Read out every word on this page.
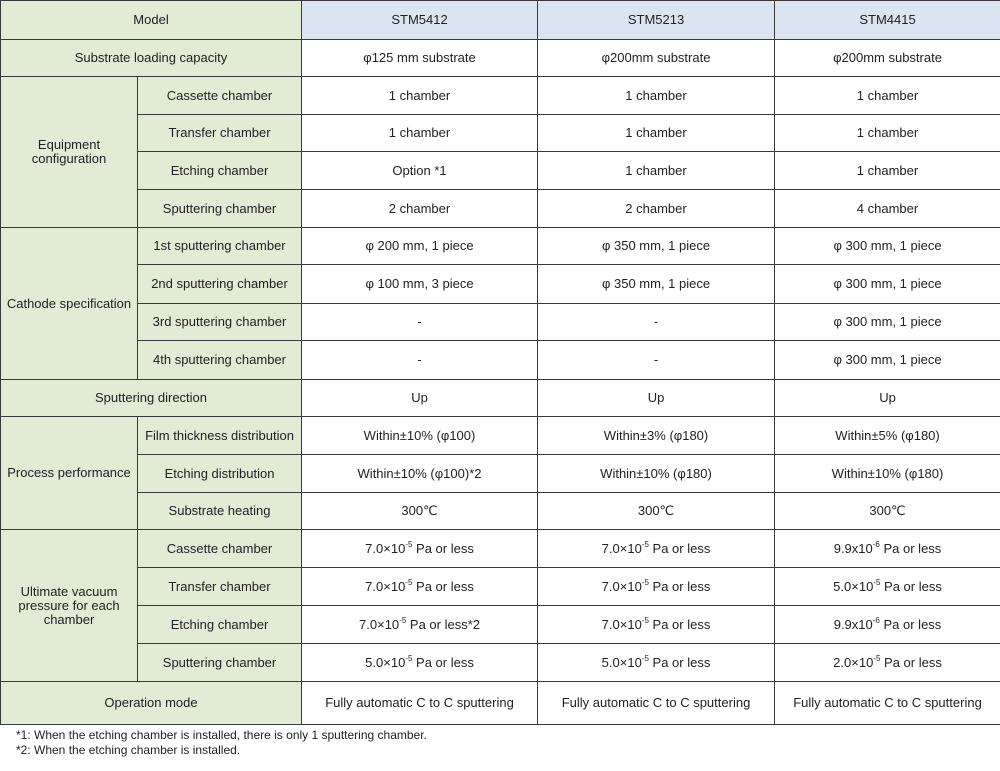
Model		STM5412	STM5213	STM4415
Substrate loading capacity		φ125 mm substrate	φ200mm substrate	φ200mm substrate
Equipment configuration	Cassette chamber	1 chamber	1 chamber	1 chamber
	Transfer chamber	1 chamber	1 chamber	1 chamber
	Etching chamber	Option *1	1 chamber	1 chamber
	Sputtering chamber	2 chamber	2 chamber	4 chamber
Cathode specification	1st sputtering chamber	φ 200 mm, 1 piece	φ 350 mm, 1 piece	φ 300 mm, 1 piece
	2nd sputtering chamber	φ 100 mm, 3 piece	φ 350 mm, 1 piece	φ 300 mm, 1 piece
	3rd sputtering chamber	-	-	φ 300 mm, 1 piece
	4th sputtering chamber	-	-	φ 300 mm, 1 piece
Sputtering direction		Up	Up	Up
Process performance	Film thickness distribution	Within±10% (φ100)	Within±3% (φ180)	Within±5% (φ180)
	Etching distribution	Within±10% (φ100)*2	Within±10% (φ180)	Within±10% (φ180)
	Substrate heating	300℃	300℃	300℃
Ultimate vacuum pressure for each chamber	Cassette chamber	$7.0\times 10^{-5}$ Pa or less	$7.0\times 10^{-5}$ Pa or less	$9.9x10^{-6}$ Pa or less
	Transfer chamber	$7.0\times 10^{-5}$ Pa or less	$7.0\times 10^{-5}$ Pa or less	$5.0\times 10^{-5}$ Pa or less
	Etching chamber	$7.0\times 10^{-5}$ Pa or less*2	$7.0\times 10^{-5}$ Pa or less	$9.9x10^{-6}$ Pa or less
	Sputtering chamber	$5.0\times 10^{-5}$ Pa or less	$5.0\times 10^{-5}$ Pa or less	$2.0\times 10^{-5}$ Pa or less
Operation mode		Fully automatic C to C sputtering	Fully automatic C to C sputtering	Fully automatic C to C sputtering
*1: When the etching chamber is installed, there is only 1 sputtering chamber.
*2: When the etching chamber is installed.
